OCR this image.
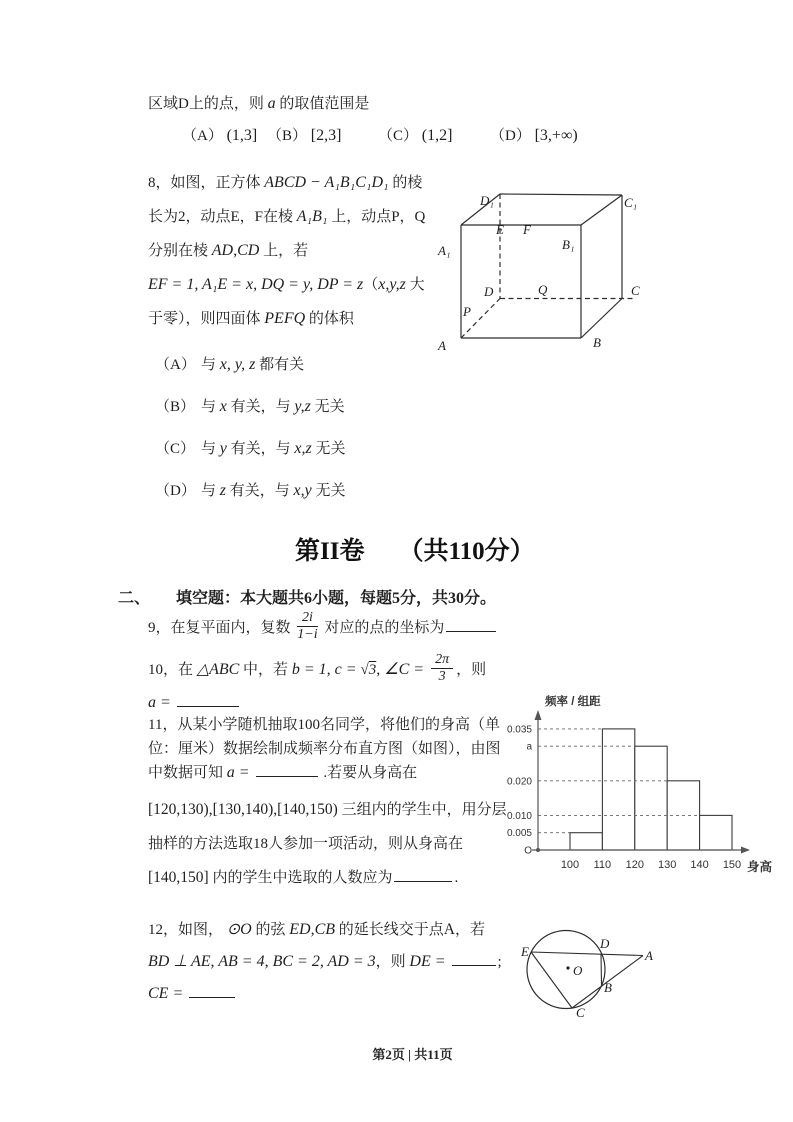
区域D上的点，则 a 的取值范围是
（A） (1,3] （B） [2,3] （C） (1,2]	（D） [3,+∞)
8，如图，正方体 ABCD − A₁B₁C₁D₁ 的棱
长为2，动点E，F在棱 A₁B₁ 上，动点P，Q
分别在棱 AD,CD 上，若
EF = 1, A₁E = x, DQ = y, DP = z（x,y,z 大
于零），则四面体 PEFQ 的体积
D₁	C₁
A₁	B₁
E F
D	Q	C
P
A	B
（A） 与 x, y, z 都有关
（B） 与 x 有关，与 y,z 无关
（C） 与 y 有关，与 x,z 无关
（D） 与 z 有关，与 x,y 无关
第II卷 （共110分）
二、 填空题：本大题共6小题，每题5分，共30分。
9，在复平面内，复数 $\frac{2i}{1-i}$ 对应的点的坐标为
10，在 △ABC 中，若 b = 1, c = √3, ∠C = $\frac{2\pi}{3}$ ，则
a =
11，从某小学随机抽取100名同学，将他们的身高（单
位：厘米）数据绘制成频率分布直方图（如图），由图
中数据可知 a =	.若要从身高在
[120,130),[130,140),[140,150) 三组内的学生中，用分层
抽样的方法选取18人参加一项活动，则从身高在
[140,150] 内的学生中选取的人数应为	.
频率 / 组距
身高
0.035
a
0.020
0.010
0.005
O
100 110 120 130 140 150
12，如图， ⊙O 的弦 ED,CB 的延长线交于点A，若
BD ⊥ AE, AB = 4, BC = 2, AD = 3，则 DE =	;
CE =
E
D
A
B
C
O
第2页 | 共11页
